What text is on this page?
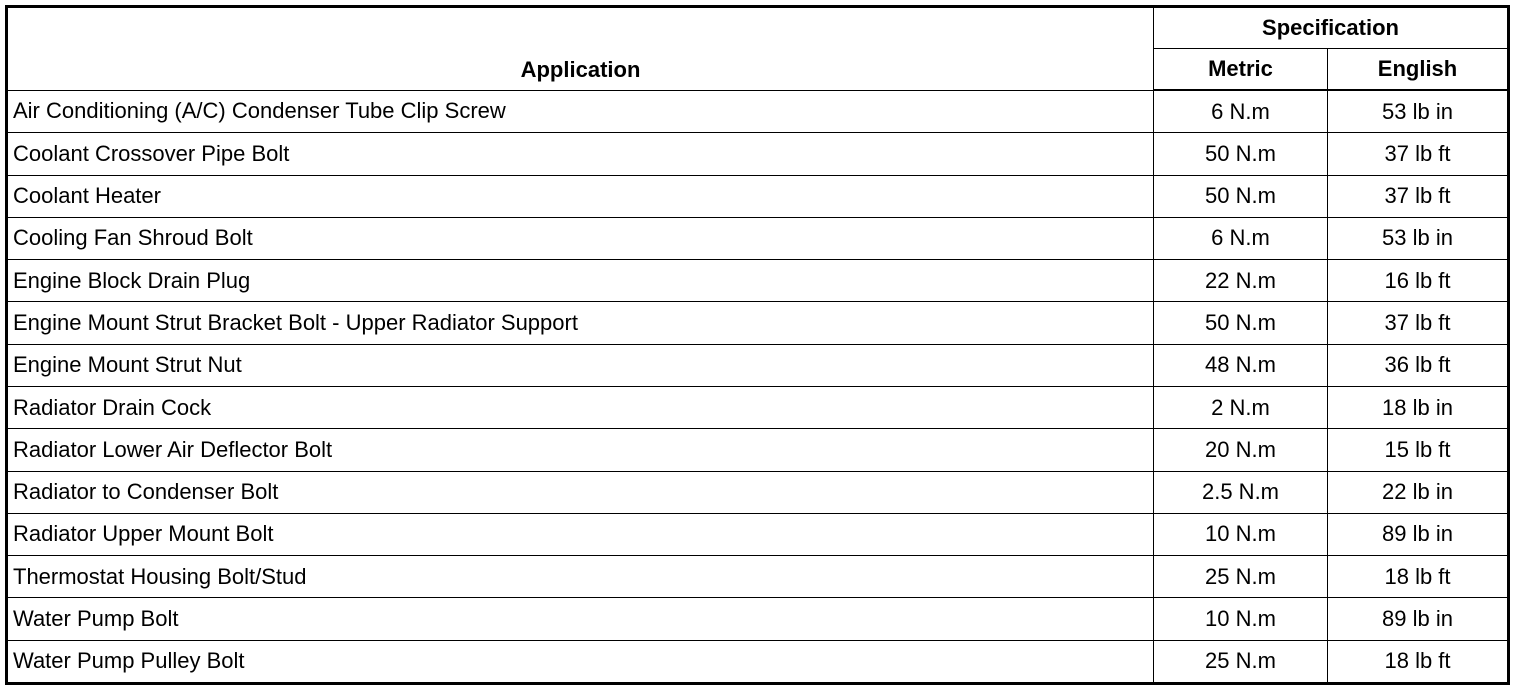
Application	Specification	
	Metric	English
Air Conditioning (A/C) Condenser Tube Clip Screw	6 N.m	53 lb in
Coolant Crossover Pipe Bolt	50 N.m	37 lb ft
Coolant Heater	50 N.m	37 lb ft
Cooling Fan Shroud Bolt	6 N.m	53 lb in
Engine Block Drain Plug	22 N.m	16 lb ft
Engine Mount Strut Bracket Bolt - Upper Radiator Support	50 N.m	37 lb ft
Engine Mount Strut Nut	48 N.m	36 lb ft
Radiator Drain Cock	2 N.m	18 lb in
Radiator Lower Air Deflector Bolt	20 N.m	15 lb ft
Radiator to Condenser Bolt	2.5 N.m	22 lb in
Radiator Upper Mount Bolt	10 N.m	89 lb in
Thermostat Housing Bolt/Stud	25 N.m	18 lb ft
Water Pump Bolt	10 N.m	89 lb in
Water Pump Pulley Bolt	25 N.m	18 lb ft
